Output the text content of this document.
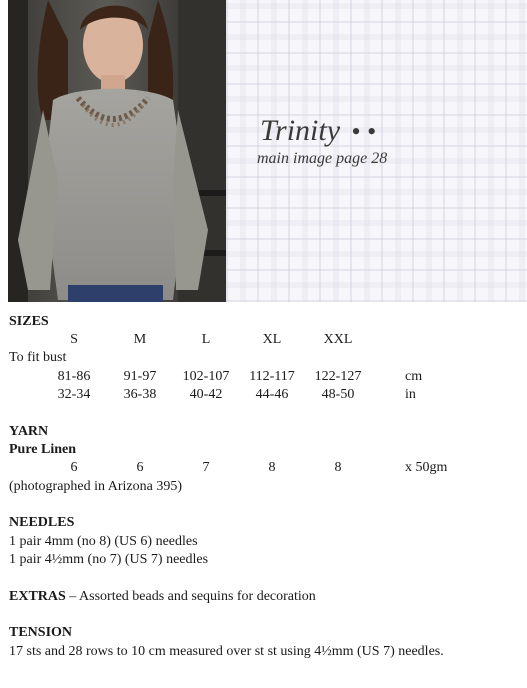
Trinity • •
main image page 28
SIZES
S	M	L	XL	XXL
To fit bust
81-86	91-97	102-107	112-117	122-127	cm
32-34	36-38	40-42	44-46	48-50	in
YARN
Pure Linen
6	6	7	8	8	x 50gm
(photographed in Arizona 395)
NEEDLES
1 pair 4mm (no 8) (US 6) needles
1 pair 4½mm (no 7) (US 7) needles
EXTRAS – Assorted beads and sequins for decoration
TENSION
17 sts and 28 rows to 10 cm measured over st st using 4½mm (US 7) needles.
